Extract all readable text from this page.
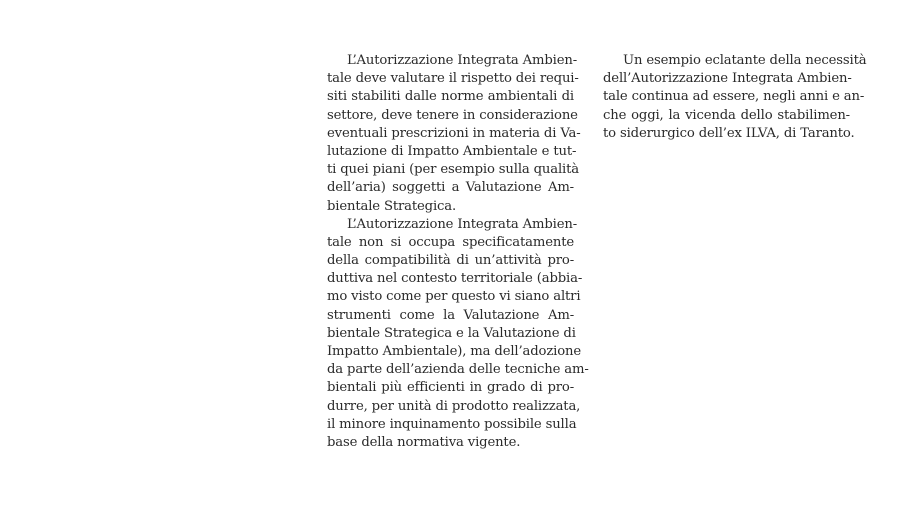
L’Autorizzazione Integrata Ambien-
tale deve valutare il rispetto dei requi-
siti stabiliti dalle norme ambientali di
settore, deve tenere in considerazione
eventuali prescrizioni in materia di Va-
lutazione di Impatto Ambientale e tut-
ti quei piani (per esempio sulla qualità
dell’aria) soggetti a Valutazione Am-
bientale Strategica.
L’Autorizzazione Integrata Ambien-
tale non si occupa specificatamente
della compatibilità di un’attività pro-
duttiva nel contesto territoriale (abbia-
mo visto come per questo vi siano altri
strumenti come la Valutazione Am-
bientale Strategica e la Valutazione di
Impatto Ambientale), ma dell’adozione
da parte dell’azienda delle tecniche am-
bientali più efficienti in grado di pro-
durre, per unità di prodotto realizzata,
il minore inquinamento possibile sulla
base della normativa vigente.
Un esempio eclatante della necessità
dell’Autorizzazione Integrata Ambien-
tale continua ad essere, negli anni e an-
che oggi, la vicenda dello stabilimen-
to siderurgico dell’ex ILVA, di Taranto.
